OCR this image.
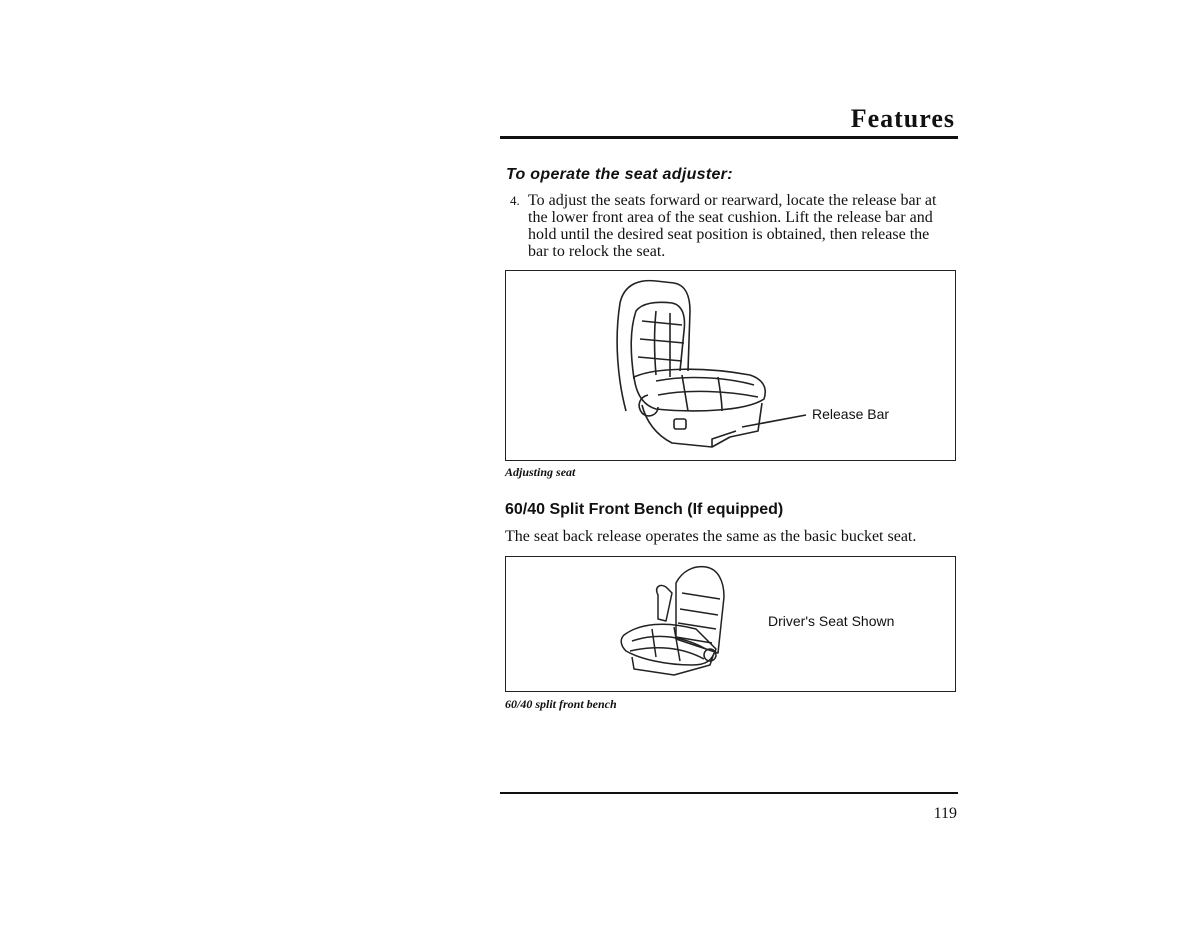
Features
To operate the seat adjuster:
4. To adjust the seats forward or rearward, locate the release bar at the lower front area of the seat cushion. Lift the release bar and hold until the desired seat position is obtained, then release the bar to relock the seat.
Release Bar
Adjusting seat
60/40 Split Front Bench (If equipped)
The seat back release operates the same as the basic bucket seat.
Driver's Seat Shown
60/40 split front bench
119
